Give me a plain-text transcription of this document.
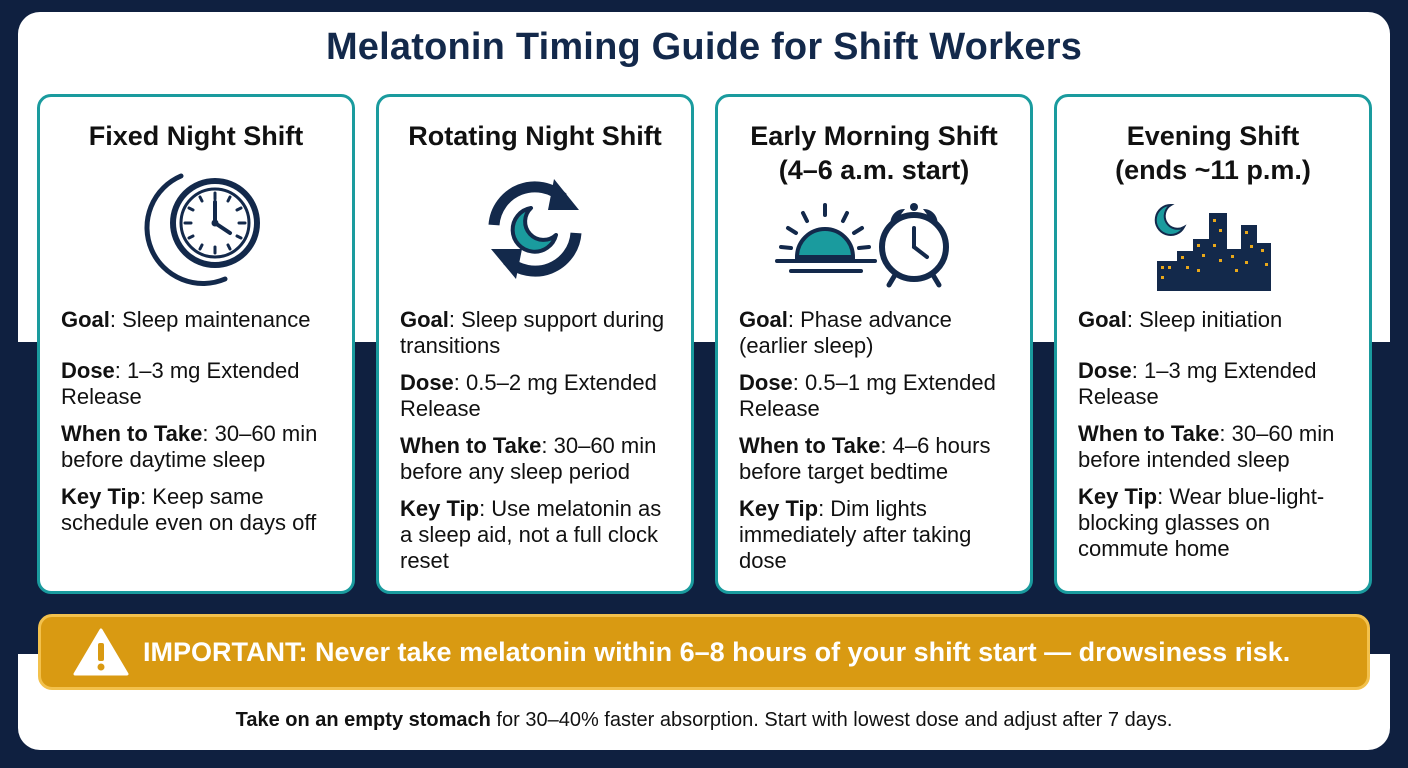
Melatonin Timing Guide for Shift Workers
Fixed Night Shift

Goal: Sleep maintenance

Dose: 1–3 mg Extended Release

When to Take: 30–60 min before daytime sleep

Key Tip: Keep same schedule even on days off

Rotating Night Shift

Goal: Sleep support during transitions

Dose: 0.5–2 mg Extended Release

When to Take: 30–60 min before any sleep period

Key Tip: Use melatonin as a sleep aid, not a full clock reset

Early Morning Shift
(4–6 a.m. start)

Goal: Phase advance (earlier sleep)

Dose: 0.5–1 mg Extended Release

When to Take: 4–6 hours before target bedtime

Key Tip: Dim lights immediately after taking dose

Evening Shift
(ends ~11 p.m.)

Goal: Sleep initiation

Dose: 1–3 mg Extended Release

When to Take: 30–60 min before intended sleep

Key Tip: Wear blue-light-blocking glasses on commute home

IMPORTANT: Never take melatonin within 6–8 hours of your shift start — drowsiness risk.
Take on an empty stomach for 30–40% faster absorption. Start with lowest dose and adjust after 7 days.
